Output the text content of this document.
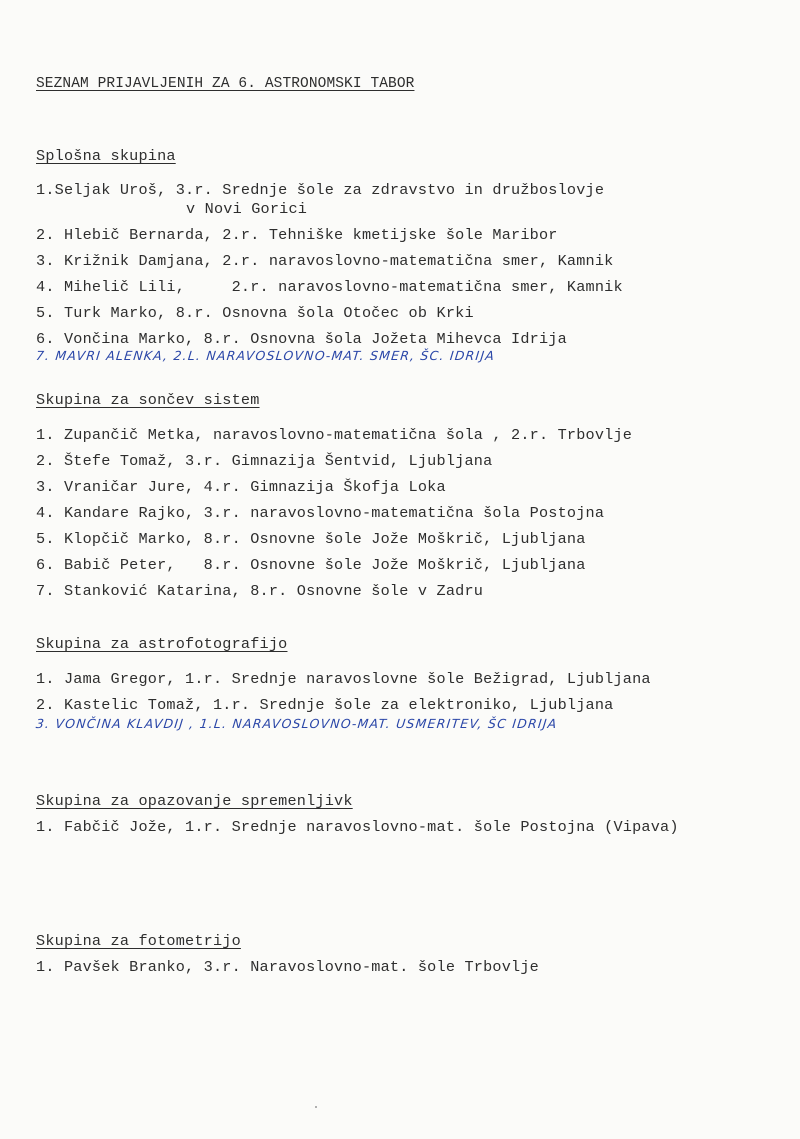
SEZNAM PRIJAVLJENIH ZA 6. ASTRONOMSKI TABOR
Splošna skupina
1.Seljak Uroš, 3.r. Srednje šole za zdravstvo in družboslovje
v Novi Gorici
2. Hlebič Bernarda, 2.r. Tehniške kmetijske šole Maribor
3. Križnik Damjana, 2.r. naravoslovno-matematična smer, Kamnik
4. Mihelič Lili,     2.r. naravoslovno-matematična smer, Kamnik
5. Turk Marko, 8.r. Osnovna šola Otočec ob Krki
6. Vončina Marko, 8.r. Osnovna šola Jožeta Mihevca Idrija
7. MAVRI ALENKA, 2.L. NARAVOSLOVNO-MAT. SMER, ŠC. IDRIJA
Skupina za sončev sistem
1. Zupančič Metka, naravoslovno-matematična šola , 2.r. Trbovlje
2. Štefe Tomaž, 3.r. Gimnazija Šentvid, Ljubljana
3. Vraničar Jure, 4.r. Gimnazija Škofja Loka
4. Kandare Rajko, 3.r. naravoslovno-matematična šola Postojna
5. Klopčič Marko, 8.r. Osnovne šole Jože Moškrič, Ljubljana
6. Babič Peter,   8.r. Osnovne šole Jože Moškrič, Ljubljana
7. Stanković Katarina, 8.r. Osnovne šole v Zadru
Skupina za astrofotografijo
1. Jama Gregor, 1.r. Srednje naravoslovne šole Bežigrad, Ljubljana
2. Kastelic Tomaž, 1.r. Srednje šole za elektroniko, Ljubljana
3. VONČINA KLAVDIJ , 1.L. NARAVOSLOVNO-MAT. USMERITEV, ŠC IDRIJA
Skupina za opazovanje spremenljivk
1. Fabčič Jože, 1.r. Srednje naravoslovno-mat. šole Postojna (Vipava)
Skupina za fotometrijo
1. Pavšek Branko, 3.r. Naravoslovno-mat. šole Trbovlje
